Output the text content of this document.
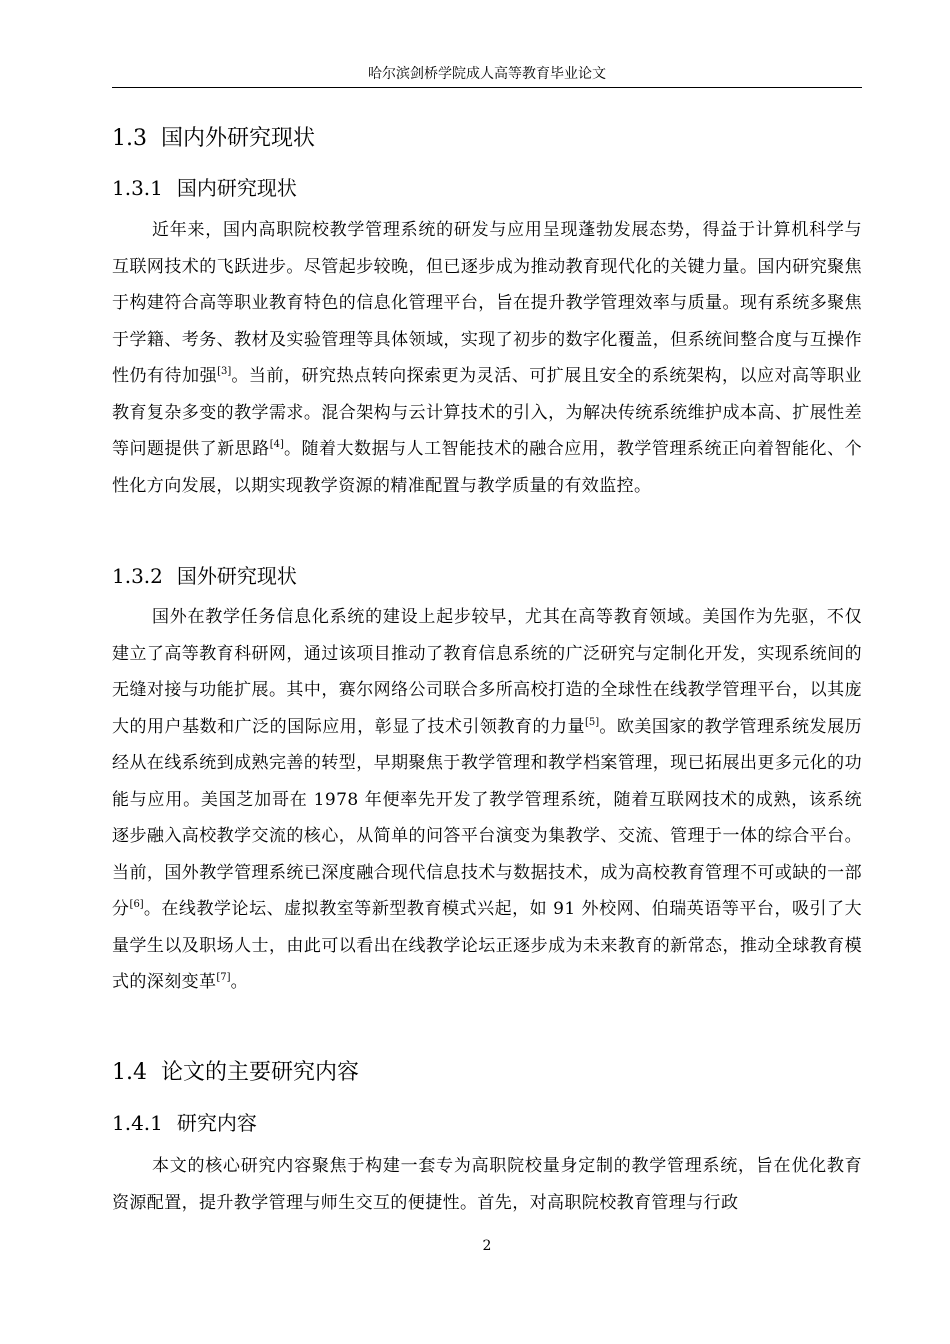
哈尔滨剑桥学院成人高等教育毕业论文
1.3 国内外研究现状
1.3.1 国内研究现状
近年来，国内高职院校教学管理系统的研发与应用呈现蓬勃发展态势，得益于计算机科学与互联网技术的飞跃进步。尽管起步较晚，但已逐步成为推动教育现代化的关键力量。国内研究聚焦于构建符合高等职业教育特色的信息化管理平台，旨在提升教学管理效率与质量。现有系统多聚焦于学籍、考务、教材及实验管理等具体领域，实现了初步的数字化覆盖，但系统间整合度与互操作性仍有待加强[3]。当前，研究热点转向探索更为灵活、可扩展且安全的系统架构，以应对高等职业教育复杂多变的教学需求。混合架构与云计算技术的引入，为解决传统系统维护成本高、扩展性差等问题提供了新思路[4]。随着大数据与人工智能技术的融合应用，教学管理系统正向着智能化、个性化方向发展，以期实现教学资源的精准配置与教学质量的有效监控。
1.3.2 国外研究现状
国外在教学任务信息化系统的建设上起步较早，尤其在高等教育领域。美国作为先驱，不仅建立了高等教育科研网，通过该项目推动了教育信息系统的广泛研究与定制化开发，实现系统间的无缝对接与功能扩展。其中，赛尔网络公司联合多所高校打造的全球性在线教学管理平台，以其庞大的用户基数和广泛的国际应用，彰显了技术引领教育的力量[5]。欧美国家的教学管理系统发展历经从在线系统到成熟完善的转型，早期聚焦于教学管理和教学档案管理，现已拓展出更多元化的功能与应用。美国芝加哥在 1978 年便率先开发了教学管理系统，随着互联网技术的成熟，该系统逐步融入高校教学交流的核心，从简单的问答平台演变为集教学、交流、管理于一体的综合平台。当前，国外教学管理系统已深度融合现代信息技术与数据技术，成为高校教育管理不可或缺的一部分[6]。在线教学论坛、虚拟教室等新型教育模式兴起，如 91 外校网、伯瑞英语等平台，吸引了大量学生以及职场人士，由此可以看出在线教学论坛正逐步成为未来教育的新常态，推动全球教育模式的深刻变革[7]。
1.4 论文的主要研究内容
1.4.1 研究内容
本文的核心研究内容聚焦于构建一套专为高职院校量身定制的教学管理系统，旨在优化教育资源配置，提升教学管理与师生交互的便捷性。首先，对高职院校教育管理与行政
2
